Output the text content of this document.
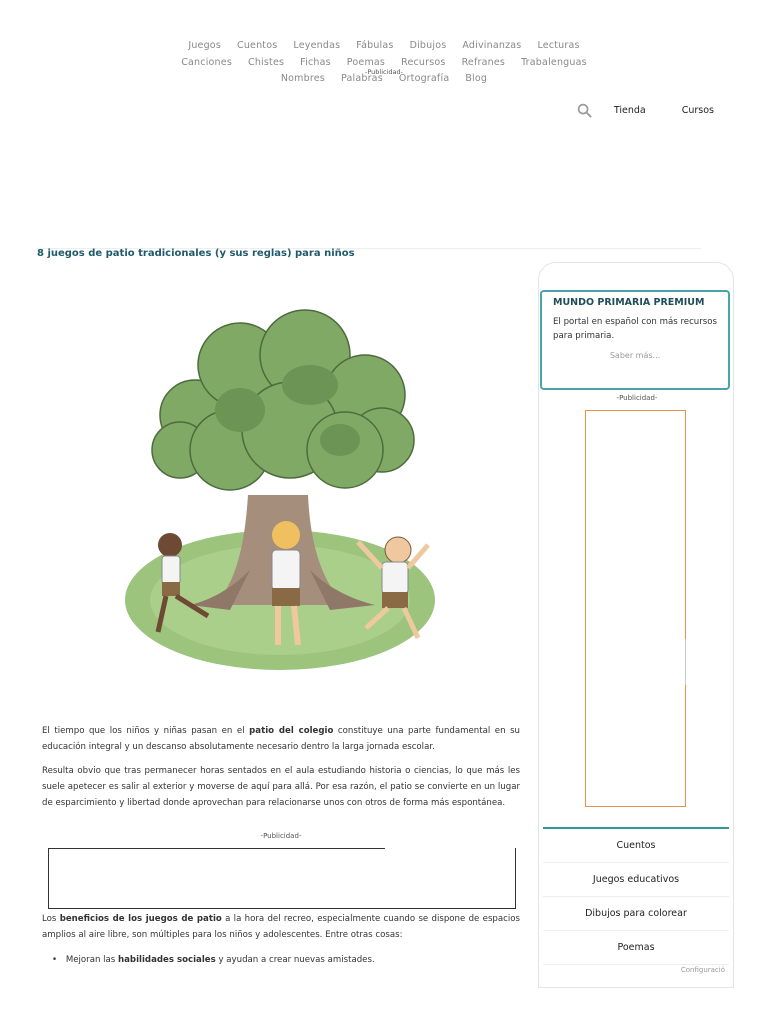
Juegos	Cuentos	Leyendas	Fábulas	Dibujos	Adivinanzas	Lecturas
Canciones	Chistes	Fichas	Poemas	Recursos	Refranes	Trabalenguas
Nombres	Palabras	Ortografía	Blog
-Publicidad-
Tienda	Cursos
8 juegos de patio tradicionales (y sus reglas) para niños

El tiempo que los niños y niñas pasan en el patio del colegio constituye una parte fundamental en su educación integral y un descanso absolutamente necesario dentro la larga jornada escolar.

Resulta obvio que tras permanecer horas sentados en el aula estudiando historia o ciencias, lo que más les suele apetecer es salir al exterior y moverse de aquí para allá. Por esa razón, el patio se convierte en un lugar de esparcimiento y libertad donde aprovechan para relacionarse unos con otros de forma más espontánea.

-Publicidad-

Los beneficios de los juegos de patio a la hora del recreo, especialmente cuando se dispone de espacios amplios al aire libre, son múltiples para los niños y adolescentes. Entre otras cosas:

• Mejoran las habilidades sociales y ayudan a crear nuevas amistades.
MUNDO PRIMARIA PREMIUM
El portal en español con más recursos para primaria.
Saber más...
-Publicidad-
Cuentos
Juegos educativos
Dibujos para colorear
Poemas
Configuració
